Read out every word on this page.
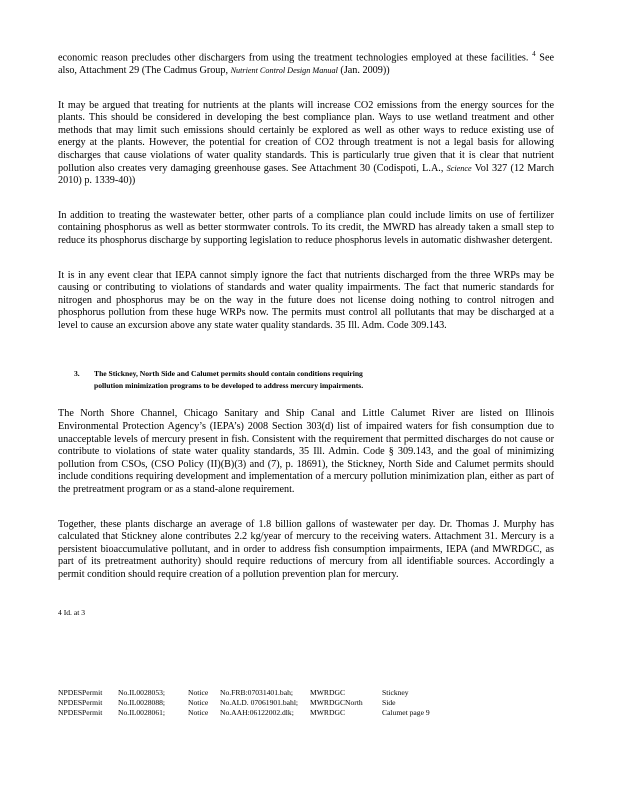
economic reason precludes other dischargers from using the treatment technologies employed at these facilities. $^4$ See also, Attachment 29 (The Cadmus Group, Nutrient Control Design Manual (Jan. 2009))

It may be argued that treating for nutrients at the plants will increase CO2 emissions from the energy sources for the plants. This should be considered in developing the best compliance plan. Ways to use wetland treatment and other methods that may limit such emissions should certainly be explored as well as other ways to reduce existing use of energy at the plants. However, the potential for creation of CO2 through treatment is not a legal basis for allowing discharges that cause violations of water quality standards. This is particularly true given that it is clear that nutrient pollution also creates very damaging greenhouse gases. See Attachment 30 (Codispoti, L.A., Science Vol 327 (12 March 2010) p. 1339-40))

In addition to treating the wastewater better, other parts of a compliance plan could include limits on use of fertilizer containing phosphorus as well as better stormwater controls. To its credit, the MWRD has already taken a small step to reduce its phosphorus discharge by supporting legislation to reduce phosphorus levels in automatic dishwasher detergent.

It is in any event clear that IEPA cannot simply ignore the fact that nutrients discharged from the three WRPs may be causing or contributing to violations of standards and water quality impairments. The fact that numeric standards for nitrogen and phosphorus may be on the way in the future does not license doing nothing to control nitrogen and phosphorus pollution from these huge WRPs now. The permits must control all pollutants that may be discharged at a level to cause an excursion above any state water quality standards. 35 Ill. Adm. Code 309.143.

3.	The Stickney, North Side and Calumet permits should contain conditions requiring
pollution minimization programs to be developed to address mercury impairments.

The North Shore Channel, Chicago Sanitary and Ship Canal and Little Calumet River are listed on Illinois Environmental Protection Agency’s (IEPA’s) 2008 Section 303(d) list of impaired waters for fish consumption due to unacceptable levels of mercury present in fish. Consistent with the requirement that permitted discharges do not cause or contribute to violations of state water quality standards, 35 Ill. Admin. Code § 309.143, and the goal of minimizing pollution from CSOs, (CSO Policy (II)(B)(3) and (7), p. 18691), the Stickney, North Side and Calumet permits should include conditions requiring development and implementation of a mercury pollution minimization plan, either as part of the pretreatment program or as a stand-alone requirement.

Together, these plants discharge an average of 1.8 billion gallons of wastewater per day. Dr. Thomas J. Murphy has calculated that Stickney alone contributes 2.2 kg/year of mercury to the receiving waters. Attachment 31. Mercury is a persistent bioaccumulative pollutant, and in order to address fish consumption impairments, IEPA (and MWRDGC, as part of its pretreatment authority) should require reductions of mercury from all identifiable sources. Accordingly a permit condition should require creation of a pollution prevention plan for mercury.

4 Id. at 3
NPDESPermit	No.IL0028053;	Notice	No.FRB:07031401.bah;	MWRDGC	Stickney
NPDESPermit	No.IL0028088;	Notice	No.ALD. 07061901.bahl;	MWRDGCNorth	Side
NPDESPermit	No.IL0028061;	Notice	No.AAH:06122002.dlk;	MWRDGC	Calumet page 9
